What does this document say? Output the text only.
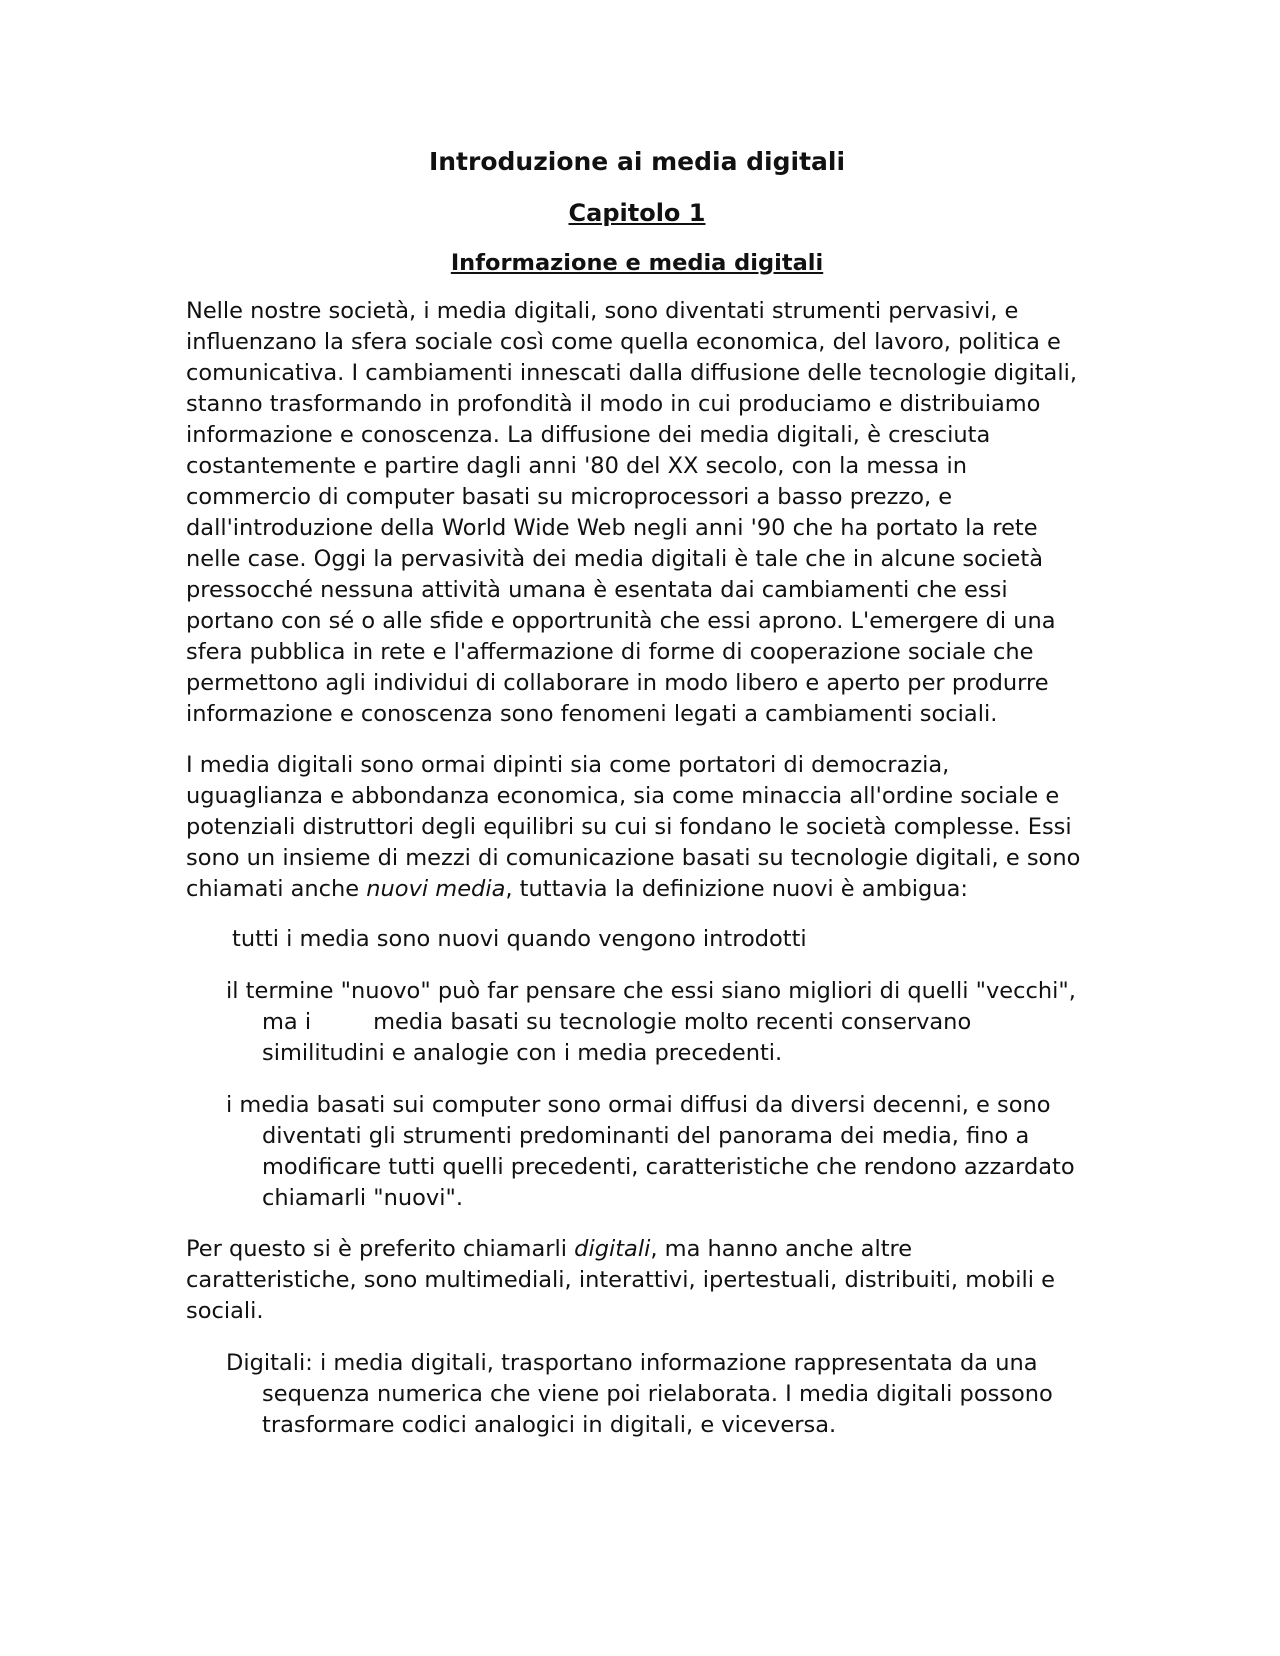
Introduzione ai media digitali
Capitolo 1
Informazione e media digitali

Nelle nostre società, i media digitali, sono diventati strumenti pervasivi, e influenzano la sfera sociale così come quella economica, del lavoro, politica e comunicativa. I cambiamenti innescati dalla diffusione delle tecnologie digitali, stanno trasformando in profondità il modo in cui produciamo e distribuiamo informazione e conoscenza. La diffusione dei media digitali, è cresciuta costantemente e partire dagli anni '80 del XX secolo, con la messa in commercio di computer basati su microprocessori a basso prezzo, e dall'introduzione della World Wide Web negli anni '90 che ha portato la rete nelle case. Oggi la pervasività dei media digitali è tale che in alcune società pressocché nessuna attività umana è esentata dai cambiamenti che essi portano con sé o alle sfide e opportrunità che essi aprono. L'emergere di una sfera pubblica in rete e l'affermazione di forme di cooperazione sociale che permettono agli individui di collaborare in modo libero e aperto per produrre informazione e conoscenza sono fenomeni legati a cambiamenti sociali.

I media digitali sono ormai dipinti sia come portatori di democrazia, uguaglianza e abbondanza economica, sia come minaccia all'ordine sociale e potenziali distruttori degli equilibri su cui si fondano le società complesse. Essi sono un insieme di mezzi di comunicazione basati su tecnologie digitali, e sono chiamati anche nuovi media, tuttavia la definizione nuovi è ambigua:

tutti i media sono nuovi quando vengono introdotti

il termine "nuovo" può far pensare che essi siano migliori di quelli "vecchi", ma i	media basati su tecnologie molto recenti conservano similitudini e analogie con i media precedenti.

i media basati sui computer sono ormai diffusi da diversi decenni, e sono diventati gli strumenti predominanti del panorama dei media, fino a modificare tutti quelli precedenti, caratteristiche che rendono azzardato chiamarli "nuovi".

Per questo si è preferito chiamarli digitali, ma hanno anche altre caratteristiche, sono multimediali, interattivi, ipertestuali, distribuiti, mobili e sociali.

Digitali: i media digitali, trasportano informazione rappresentata da una sequenza numerica che viene poi rielaborata. I media digitali possono trasformare codici analogici in digitali, e viceversa.
